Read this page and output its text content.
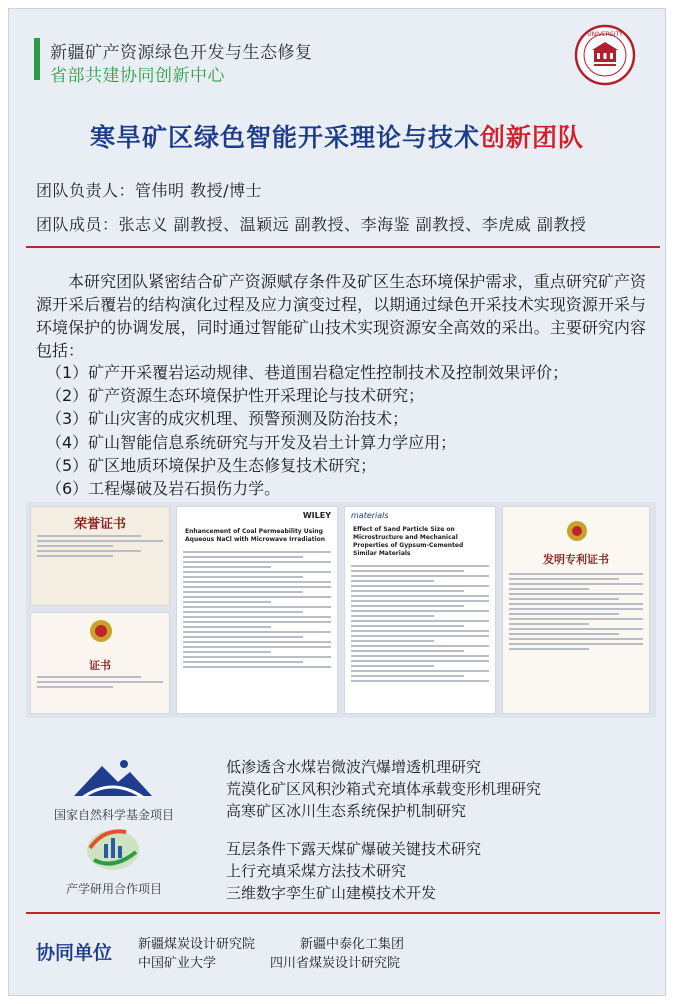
新疆矿产资源绿色开发与生态修复
省部共建协同创新中心
UNIVERSITY
寒旱矿区绿色智能开采理论与技术创新团队
团队负责人：管伟明 教授/博士
团队成员：张志义 副教授、温颖远 副教授、李海鉴 副教授、李虎威 副教授
本研究团队紧密结合矿产资源赋存条件及矿区生态环境保护需求，重点研究矿产资源开采后覆岩的结构演化过程及应力演变过程，以期通过绿色开采技术实现资源开采与环境保护的协调发展，同时通过智能矿山技术实现资源安全高效的采出。主要研究内容包括：
（1）矿产开采覆岩运动规律、巷道围岩稳定性控制技术及控制效果评价；
（2）矿产资源生态环境保护性开采理论与技术研究；
（3）矿山灾害的成灾机理、预警预测及防治技术；
（4）矿山智能信息系统研究与开发及岩土计算力学应用；
（5）矿区地质环境保护及生态修复技术研究；
（6）工程爆破及岩石损伤力学。
荣誉证书
证书
WILEY
Enhancement of Coal Permeability Using Aqueous NaCl with Microwave Irradiation
materials
Effect of Sand Particle Size on Microstructure and Mechanical Properties of Gypsum-Cemented Similar Materials	发明专利证书
国家自然科学基金项目
低渗透含水煤岩微波汽爆增透机理研究
荒漠化矿区风积沙箱式充填体承载变形机理研究
高寒矿区冰川生态系统保护机制研究
产学研用合作项目
互层条件下露天煤矿爆破关键技术研究
上行充填采煤方法技术研究
三维数字孪生矿山建模技术开发
协同单位 新疆煤炭设计研究院	新疆中泰化工集团
中国矿业大学	四川省煤炭设计研究院
